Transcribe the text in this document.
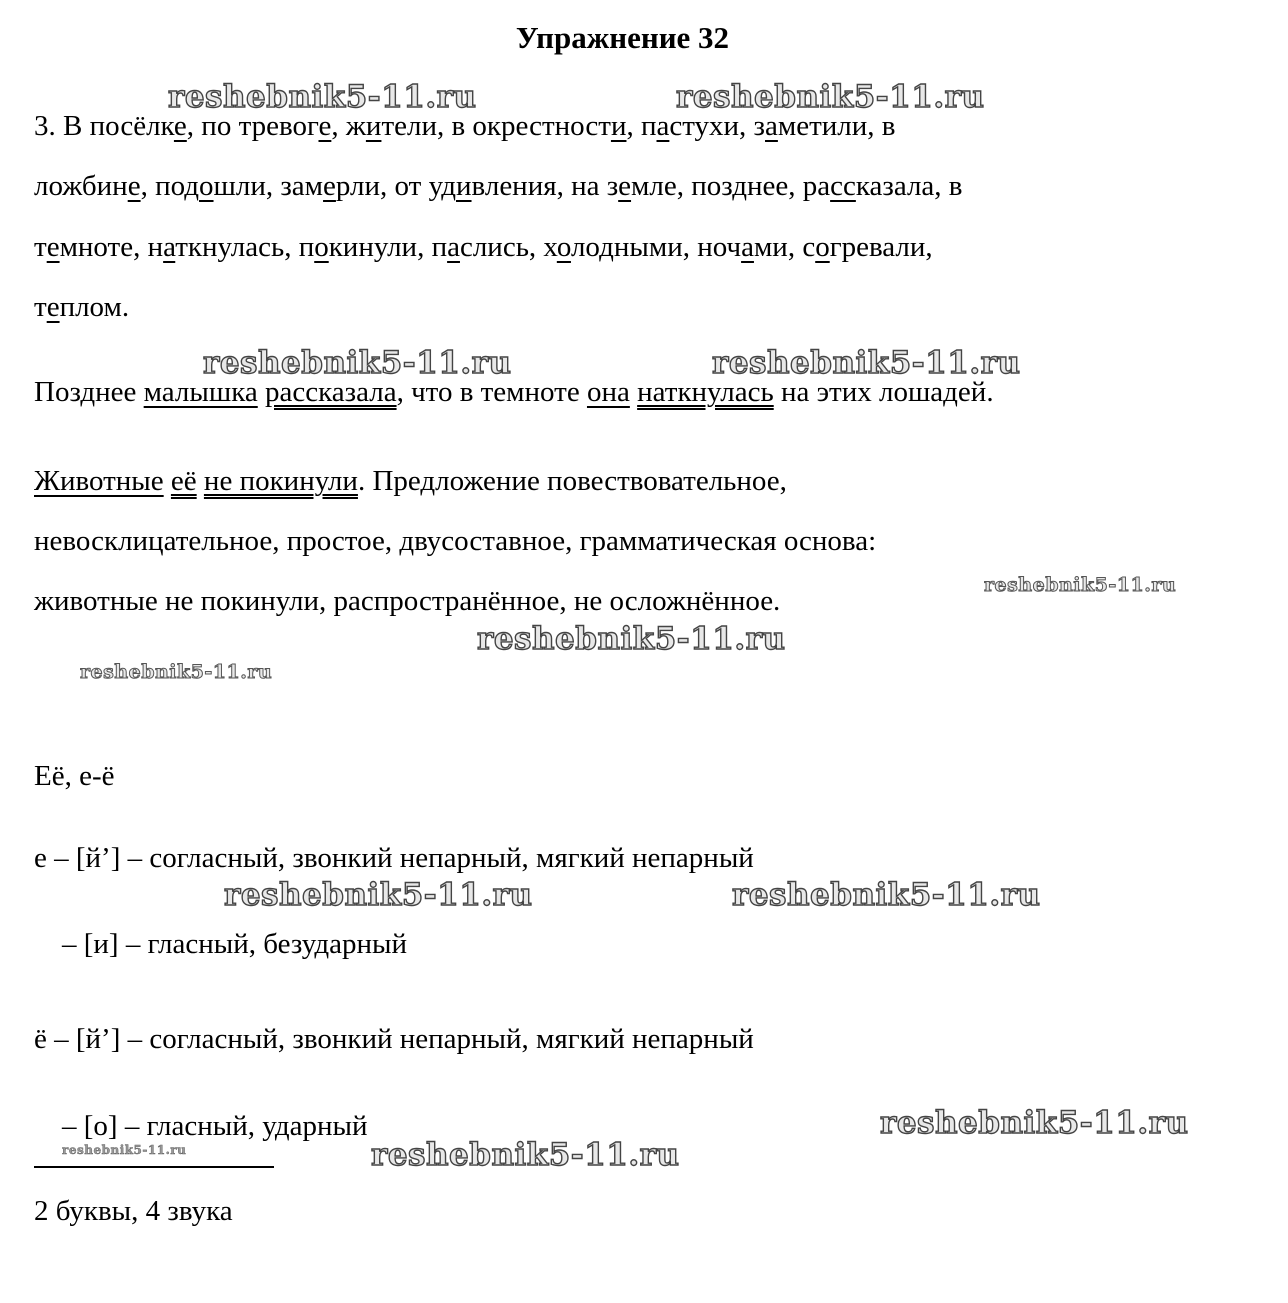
Упражнение 32
3. В посёлке, по тревоге, жители, в окрестности, пастухи, заметили, в
ложбине, подошли, замерли, от удивления, на земле, позднее, рассказала, в
темноте, наткнулась, покинули, паслись, холодными, ночами, согревали,
теплом.
Позднее малышка рассказала, что в темноте она наткнулась на этих лошадей.
Животные её не покинули. Предложение повествовательное,
невосклицательное, простое, двусоставное, грамматическая основа:
животные не покинули, распространённое, не осложнённое.
Её, е-ё
е – [й’] – согласный, звонкий непарный, мягкий непарный
– [и] – гласный, безударный
ё – [й’] – согласный, звонкий непарный, мягкий непарный
– [о] – гласный, ударный
2 буквы, 4 звука
reshebnik5-11.ru	reshebnik5-11.ru
reshebnik5-11.ru	reshebnik5-11.ru
reshebnik5-11.ru
reshebnik5-11.ru
reshebnik5-11.ru
reshebnik5-11.ru	reshebnik5-11.ru
reshebnik5-11.ru
reshebnik5-11.ru	reshebnik5-11.ru
